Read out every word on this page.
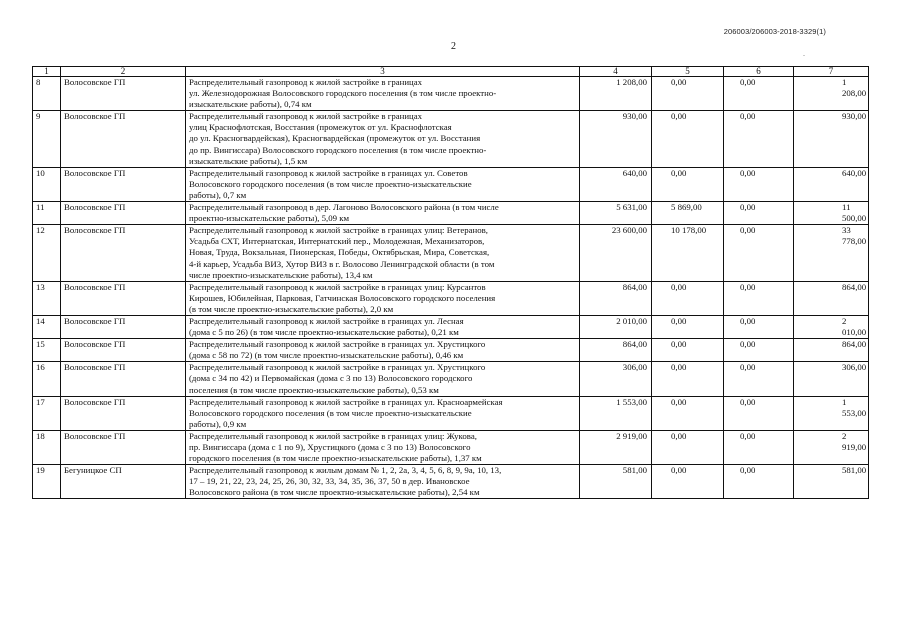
206003/206003-2018-3329(1)
2
-
1	2	3	4	5	6	7
8	Волосовское ГП	Распределительный газопровод к жилой застройке в границах
ул. Железнодорожная Волосовского городского поселения (в том числе проектно-
изыскательские работы), 0,74 км	1 208,00	0,00	0,00	1 208,00
9	Волосовское ГП	Распределительный газопровод к жилой застройке в границах
улиц Краснофлотская, Восстания (промежуток от ул. Краснофлотская
до ул. Красногвардейская), Красногвардейская (промежуток от ул. Восстания
до пр. Вингиссара) Волосовского городского поселения (в том числе проектно-
изыскательские работы), 1,5 км	930,00	0,00	0,00	930,00
10	Волосовское ГП	Распределительный газопровод к жилой застройке в границах ул. Советов
Волосовского городского поселения (в том числе проектно-изыскательские
работы), 0,7 км	640,00	0,00	0,00	640,00
11	Волосовское ГП	Распределительный газопровод в дер. Лагоново Волосовского района (в том числе
проектно-изыскательские работы), 5,09 км	5 631,00	5 869,00	0,00	11 500,00
12	Волосовское ГП	Распределительный газопровод к жилой застройке в границах улиц: Ветеранов,
Усадьба СХТ, Интернатская, Интернатский пер., Молодежная, Механизаторов,
Новая, Труда, Вокзальная, Пионерская, Победы, Октябрьская, Мира, Советская,
4-й карьер, Усадьба ВИЗ, Хутор ВИЗ в г. Волосово Ленинградской области (в том
числе проектно-изыскательские работы), 13,4 км	23 600,00	10 178,00	0,00	33 778,00
13	Волосовское ГП	Распределительный газопровод к жилой застройке в границах улиц: Курсантов
Кирошев, Юбилейная, Парковая, Гатчинская Волосовского городского поселения
(в том числе проектно-изыскательские работы), 2,0 км	864,00	0,00	0,00	864,00
14	Волосовское ГП	Распределительный газопровод к жилой застройке в границах ул. Лесная
(дома с 5 по 26) (в том числе проектно-изыскательские работы), 0,21 км	2 010,00	0,00	0,00	2 010,00
15	Волосовское ГП	Распределительный газопровод к жилой застройке в границах ул. Хрустицкого
(дома с 58 по 72) (в том числе проектно-изыскательские работы), 0,46 км	864,00	0,00	0,00	864,00
16	Волосовское ГП	Распределительный газопровод к жилой застройке в границах ул. Хрустицкого
(дома с 34 по 42) и Первомайская (дома с 3 по 13) Волосовского городского
поселения (в том числе проектно-изыскательские работы), 0,53 км	306,00	0,00	0,00	306,00
17	Волосовское ГП	Распределительный газопровод к жилой застройке в границах ул. Красноармейская
Волосовского городского поселения (в том числе проектно-изыскательские
работы), 0,9 км	1 553,00	0,00	0,00	1 553,00
18	Волосовское ГП	Распределительный газопровод к жилой застройке в границах улиц: Жукова,
пр. Вингиссара (дома с 1 по 9), Хрустицкого (дома с 3 по 13) Волосовского
городского поселения (в том числе проектно-изыскательские работы), 1,37 км	2 919,00	0,00	0,00	2 919,00
19	Бегуницкое СП	Распределительный газопровод к жилым домам № 1, 2, 2а, 3, 4, 5, 6, 8, 9, 9а, 10, 13,
17 – 19, 21, 22, 23, 24, 25, 26, 30, 32, 33, 34, 35, 36, 37, 50 в дер. Ивановское
Волосовского района (в том числе проектно-изыскательские работы), 2,54 км	581,00	0,00	0,00	581,00
